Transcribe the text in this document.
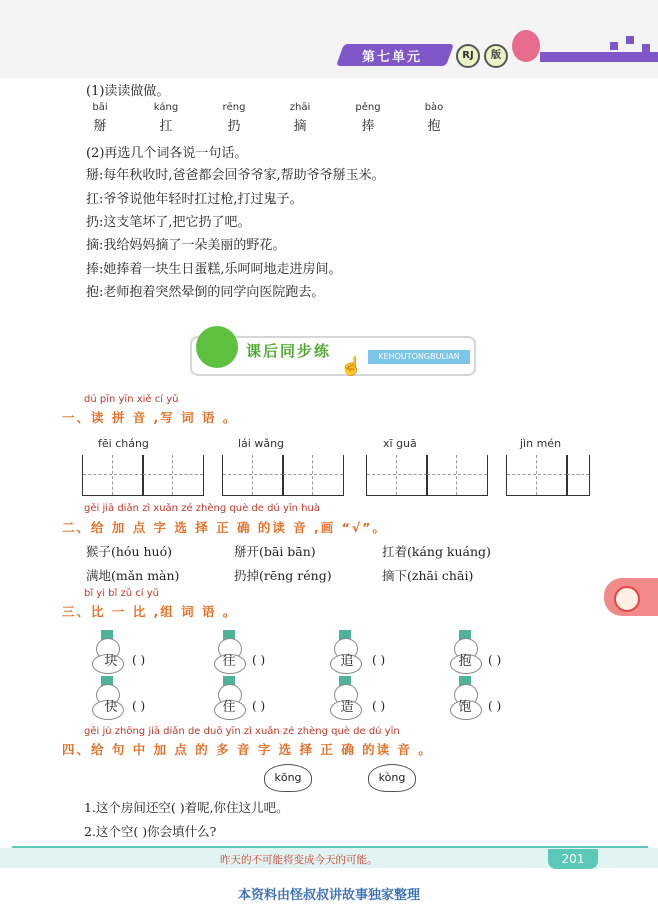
第七单元	RJ	版
(1)读读做做。
bāi
掰
káng
扛
rēng
扔
zhāi
摘
pěng
捧
bào
抱
(2)再选几个词各说一句话。
掰:每年秋收时,爸爸都会回爷爷家,帮助爷爷掰玉米。
扛:爷爷说他年轻时扛过枪,打过鬼子。
扔:这支笔坏了,把它扔了吧。
摘:我给妈妈摘了一朵美丽的野花。
捧:她捧着一块生日蛋糕,乐呵呵地走进房间。
抱:老师抱着突然晕倒的同学向医院跑去。
课后同步练
☝	KEHOUTONGBULIAN
dú pīn yīn xiě cí yǔ
一、读 拼 音 ,写 词 语 。
fēi cháng	lái wǎng	xī guā	jìn mén
gěi jiā diǎn zì xuǎn zé zhèng què de dú yīn huà
二、给 加 点 字 选 择 正 确 的读 音 ,画 “√”。
猴子(hóu huó)	掰开(bāi bān)	扛着(káng kuáng)
满地(mǎn màn)	扔掉(rēng réng)	摘下(zhāi chāi)
bǐ yi bǐ zǔ cí yǔ
三、比 一 比 ,组 词 语 。
块	( )	往	( )	追	( )	抱	( )
快	( )	住	( )	造	( )	饱	( )
gěi jù zhōng jiā diǎn de duō yīn zì xuǎn zé zhèng què de dú yīn
四、给 句 中 加 点 的 多 音 字 选 择 正 确 的读 音 。
kōng	kòng
1.这个房间还空( )着呢,你住这儿吧。
2.这个空( )你会填什么?
昨天的不可能将变成今天的可能。	201
本资料由怪叔叔讲故事独家整理
